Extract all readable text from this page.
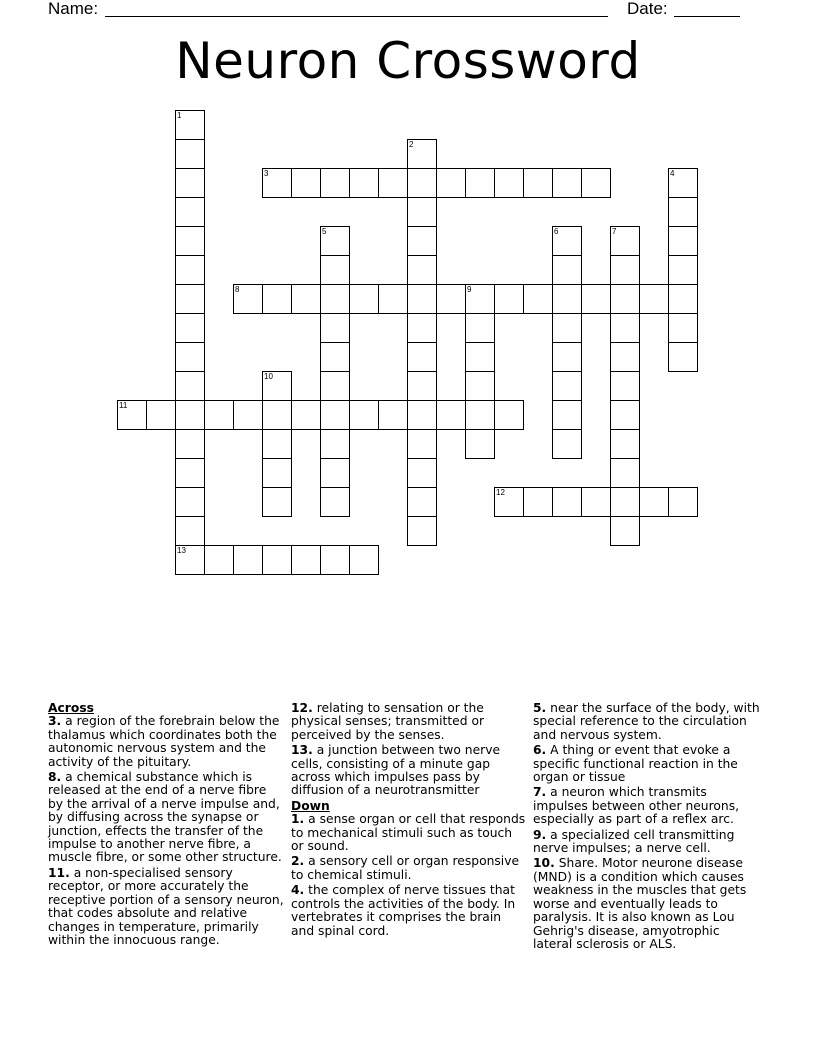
Name:	Date:
Neuron Crossword
1
13
2
3	4
5	6	7
8	9
10
11
12

Across

3. a region of the forebrain below the thalamus which coordinates both the autonomic nervous system and the activity of the pituitary.

8. a chemical substance which is released at the end of a nerve fibre by the arrival of a nerve impulse and, by diffusing across the synapse or junction, effects the transfer of the impulse to another nerve fibre, a muscle fibre, or some other structure.

11. a non-specialised sensory receptor, or more accurately the receptive portion of a sensory neuron, that codes absolute and relative changes in temperature, primarily within the innocuous range.

12. relating to sensation or the physical senses; transmitted or perceived by the senses.

13. a junction between two nerve cells, consisting of a minute gap across which impulses pass by diffusion of a neurotransmitter

Down

1. a sense organ or cell that responds to mechanical stimuli such as touch or sound.

2. a sensory cell or organ responsive to chemical stimuli.

4. the complex of nerve tissues that controls the activities of the body. In vertebrates it comprises the brain and spinal cord.

5. near the surface of the body, with special reference to the circulation and nervous system.

6. A thing or event that evoke a specific functional reaction in the organ or tissue

7. a neuron which transmits impulses between other neurons, especially as part of a reflex arc.

9. a specialized cell transmitting nerve impulses; a nerve cell.

10. Share. Motor neurone disease (MND) is a condition which causes weakness in the muscles that gets worse and eventually leads to paralysis. It is also known as Lou Gehrig's disease, amyotrophic lateral sclerosis or ALS.
